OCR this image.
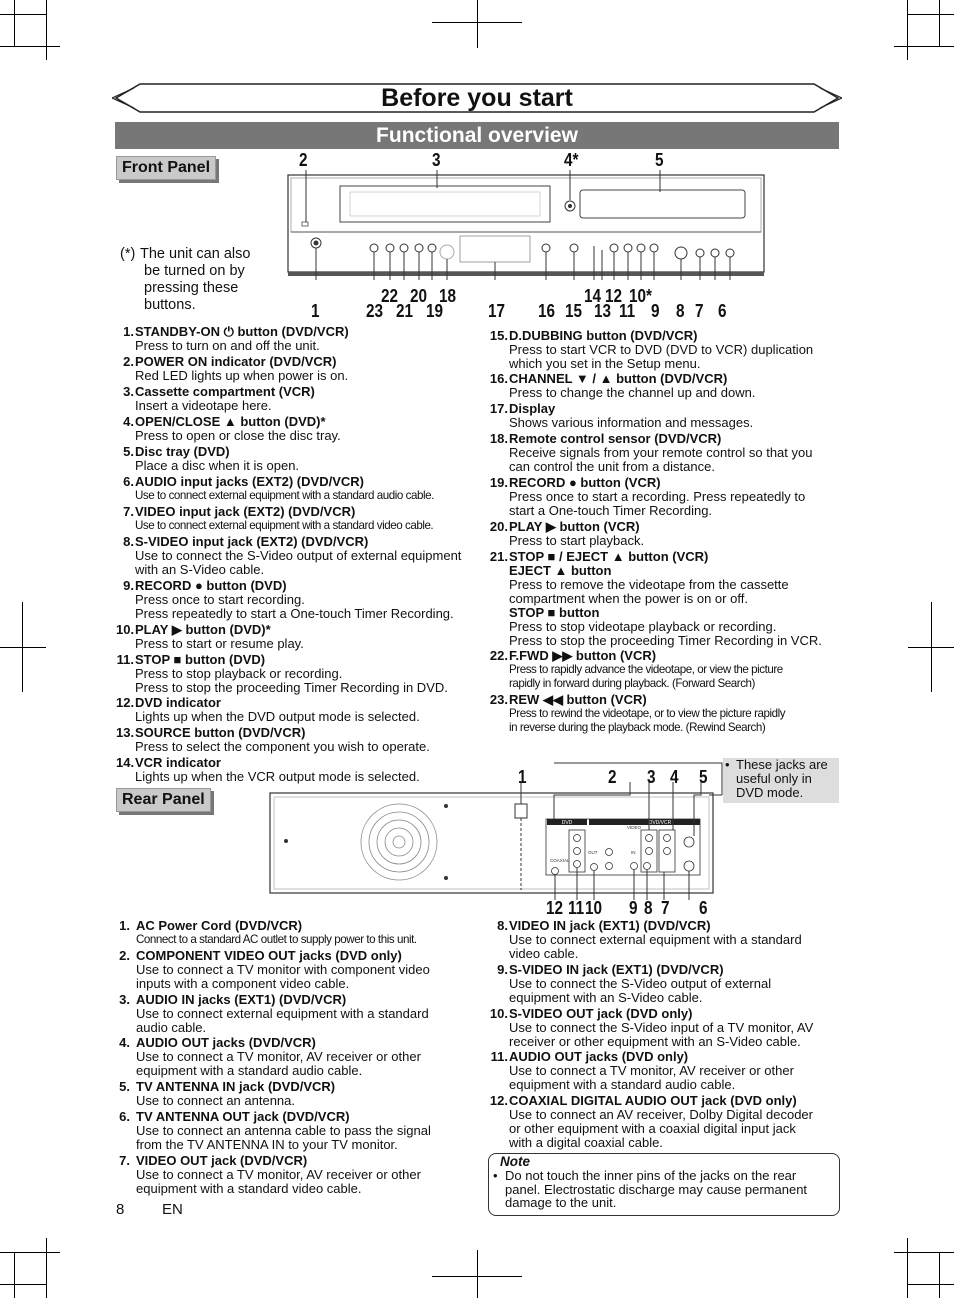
Before you start
Functional overview
Front Panel
(*) The unit can also
be turned on by
pressing these
buttons.
2	3	4*	5
22 20 18	14 12 10*
1	23 21 19 17 16 15 13 11 9 8 7 6
1. STANDBY-ON ⏻ button (DVD/VCR)
Press to turn on and off the unit.
2. POWER ON indicator (DVD/VCR)
Red LED lights up when power is on.
3. Cassette compartment (VCR)
Insert a videotape here.
4. OPEN/CLOSE ▲ button (DVD)*
Press to open or close the disc tray.
5. Disc tray (DVD)
Place a disc when it is open.
6. AUDIO input jacks (EXT2) (DVD/VCR)
Use to connect external equipment with a standard audio cable.
7. VIDEO input jack (EXT2) (DVD/VCR)
Use to connect external equipment with a standard video cable.
8. S-VIDEO input jack (EXT2) (DVD/VCR)
Use to connect the S-Video output of external equipment
with an S-Video cable.
9. RECORD ● button (DVD)
Press once to start recording.
Press repeatedly to start a One-touch Timer Recording.
10. PLAY ▶ button (DVD)*
Press to start or resume play.
11. STOP ■ button (DVD)
Press to stop playback or recording.
Press to stop the proceeding Timer Recording in DVD.
12. DVD indicator
Lights up when the DVD output mode is selected.
13. SOURCE button (DVD/VCR)
Press to select the component you wish to operate.
14. VCR indicator
Lights up when the VCR output mode is selected.
15. D.DUBBING button (DVD/VCR)
Press to start VCR to DVD (DVD to VCR) duplication
which you set in the Setup menu.
16. CHANNEL ▼ / ▲ button (DVD/VCR)
Press to change the channel up and down.
17. Display
Shows various information and messages.
18. Remote control sensor (DVD/VCR)
Receive signals from your remote control so that you
can control the unit from a distance.
19. RECORD ● button (VCR)
Press once to start a recording. Press repeatedly to
start a One-touch Timer Recording.
20. PLAY ▶ button (VCR)
Press to start playback.
21. STOP ■ / EJECT ▲ button (VCR)
EJECT ▲ button
Press to remove the videotape from the cassette
compartment when the power is on or off.
STOP ■ button
Press to stop videotape playback or recording.
Press to stop the proceeding Timer Recording in VCR.
22. F.FWD ▶▶ button (VCR)
Press to rapidly advance the videotape, or view the picture
rapidly in forward during playback. (Forward Search)
23. REW ◀◀ button (VCR)
Press to rewind the videotape, or to view the picture rapidly
in reverse during the playback mode. (Rewind Search)
Rear Panel
• These jacks are
useful only in
DVD mode.
DVD	DVD/VCR
COAXIAL
OUT	IN
VIDEO
1	2 3 4 5
12 11 10 9 8 7 6
1. AC Power Cord (DVD/VCR)
Connect to a standard AC outlet to supply power to this unit.
2. COMPONENT VIDEO OUT jacks (DVD only)
Use to connect a TV monitor with component video
inputs with a component video cable.
3. AUDIO IN jacks (EXT1) (DVD/VCR)
Use to connect external equipment with a standard
audio cable.
4. AUDIO OUT jacks (DVD/VCR)
Use to connect a TV monitor, AV receiver or other
equipment with a standard audio cable.
5. TV ANTENNA IN jack (DVD/VCR)
Use to connect an antenna.
6. TV ANTENNA OUT jack (DVD/VCR)
Use to connect an antenna cable to pass the signal
from the TV ANTENNA IN to your TV monitor.
7. VIDEO OUT jack (DVD/VCR)
Use to connect a TV monitor, AV receiver or other
equipment with a standard video cable.
8. VIDEO IN jack (EXT1) (DVD/VCR)
Use to connect external equipment with a standard
video cable.
9. S-VIDEO IN jack (EXT1) (DVD/VCR)
Use to connect the S-Video output of external
equipment with an S-Video cable.
10. S-VIDEO OUT jack (DVD only)
Use to connect the S-Video input of a TV monitor, AV
receiver or other equipment with an S-Video cable.
11. AUDIO OUT jacks (DVD only)
Use to connect a TV monitor, AV receiver or other
equipment with a standard audio cable.
12. COAXIAL DIGITAL AUDIO OUT jack (DVD only)
Use to connect an AV receiver, Dolby Digital decoder
or other equipment with a coaxial digital input jack
with a digital coaxial cable.
Note
• Do not touch the inner pins of the jacks on the rear
panel. Electrostatic discharge may cause permanent
damage to the unit.
8	EN
